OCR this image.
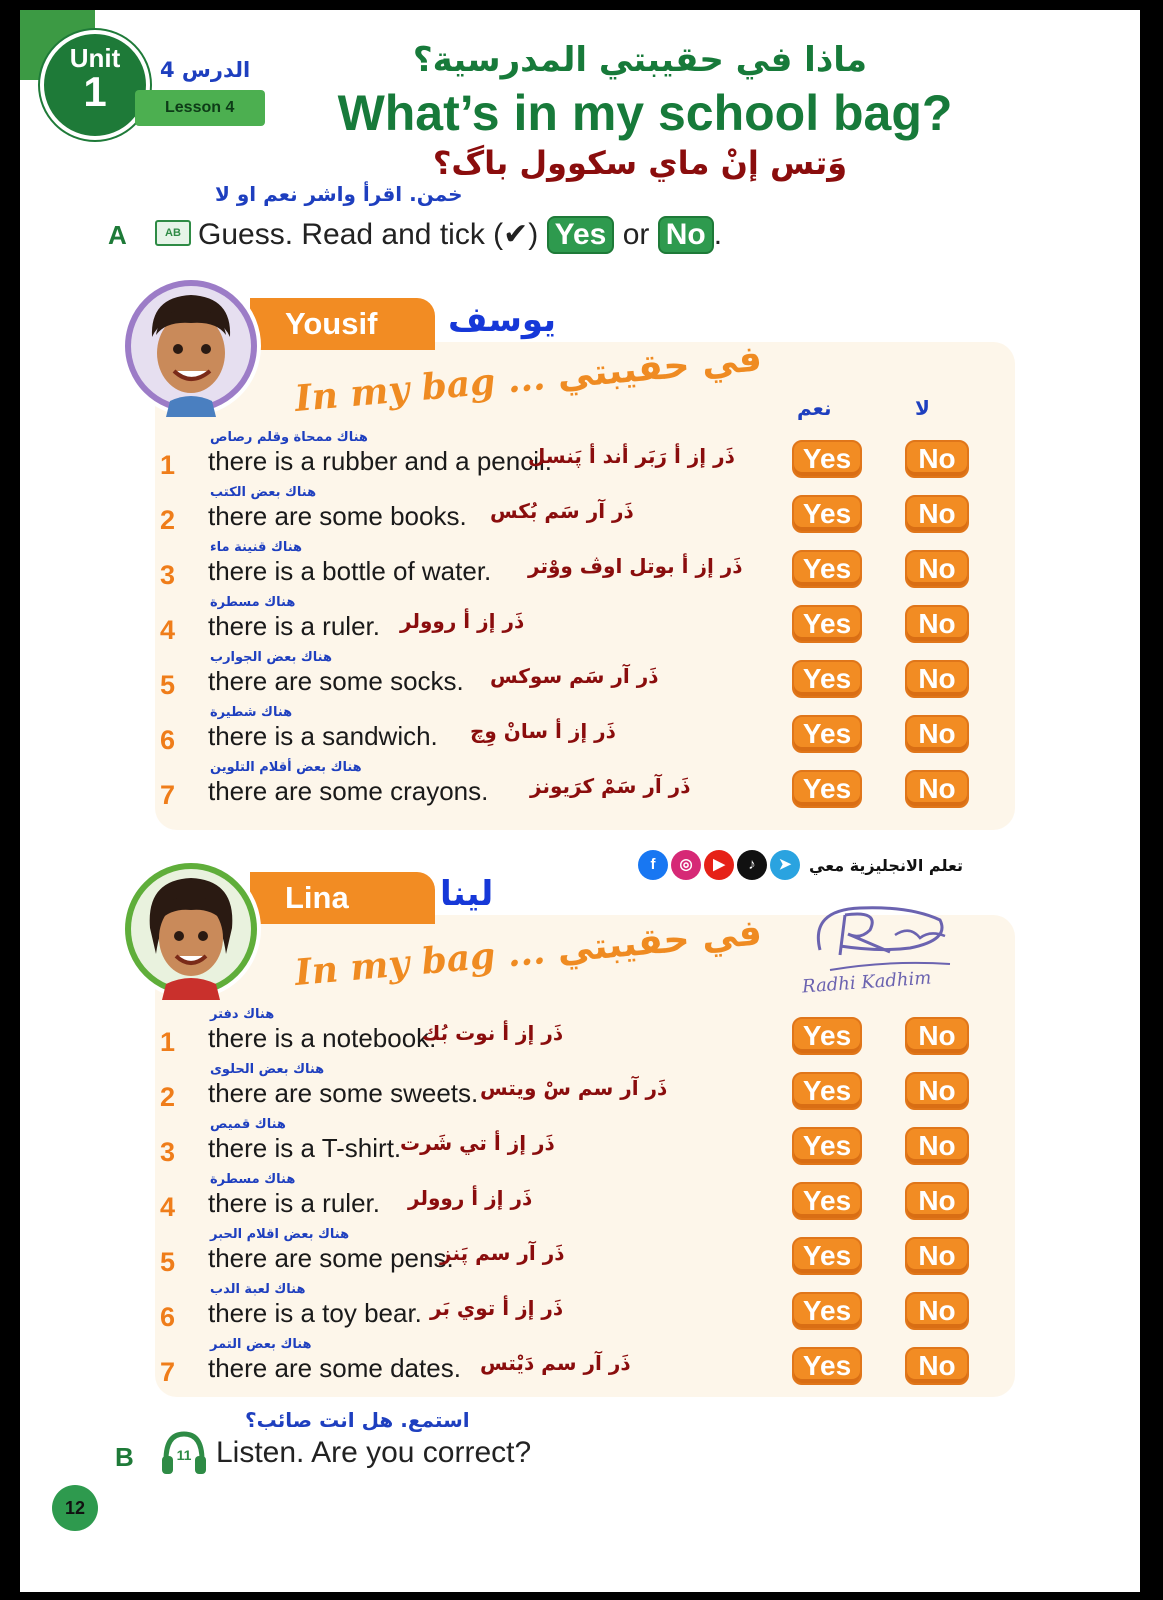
Unit
1	الدرس 4
Lesson 4
ماذا في حقيبتي المدرسية؟
What’s in my school bag?
وَتس إنْ ماي سكوول باگ؟
خمن. اقرأ واشر نعم او لا
A	AB Guess. Read and tick (✔) Yes or No .
Yousif	يوسف
In my bag ... في حقيبتي
نعم	لا
1
هناك ممحاة وقلم رصاص
there is a rubber and a pencil.
ذَر إز أ رَبَر أند أ پَنسل	Yes	No
2
هناك بعض الكتب
there are some books. ذَر آر سَم بُكس	Yes	No
3
هناك قنينة ماء
there is a bottle of water. ذَر إز أ بوتل اوڤ ووْتر	Yes	No
4
هناك مسطرة
there is a ruler. ذَر إز أ روولر	Yes	No
5
هناك بعض الجوارب
there are some socks. ذَر آر سَم سوكس	Yes	No
6
هناك شطيرة
there is a sandwich. ذَر إز أ سانْ وِچ	Yes	No
7
هناك بعض أقلام التلوين
there are some crayons. ذَر آر سَمْ كرَيونز	Yes	No
f	◎	▶	♪	➤	تعلم الانجليزية معي
Lina	لينا
In my bag ... في حقيبتي
Radhi Kadhim
1
هناك دفتر
there is a notebook.
ذَر إز أ نوت بُك	Yes	No
2
هناك بعض الحلوى
there are some sweets. ذَر آر سم سْ ويتس	Yes	No
3
هناك قميص
there is a T-shirt.
ذَر إز أ تي شَرت	Yes	No
4
هناك مسطرة
there is a ruler. ذَر إز أ روولر	Yes	No
5
هناك بعض اقلام الحبر
there are some pens.
ذَر آر سم پَنز	Yes	No
6
هناك لعبة الدب
there is a toy bear. ذَر إز أ توي بَر	Yes	No
7
هناك بعض التمر
there are some dates. ذَر آر سم دَيْتس	Yes	No
استمع. هل انت صائب؟
B	11 Listen. Are you correct?
12
